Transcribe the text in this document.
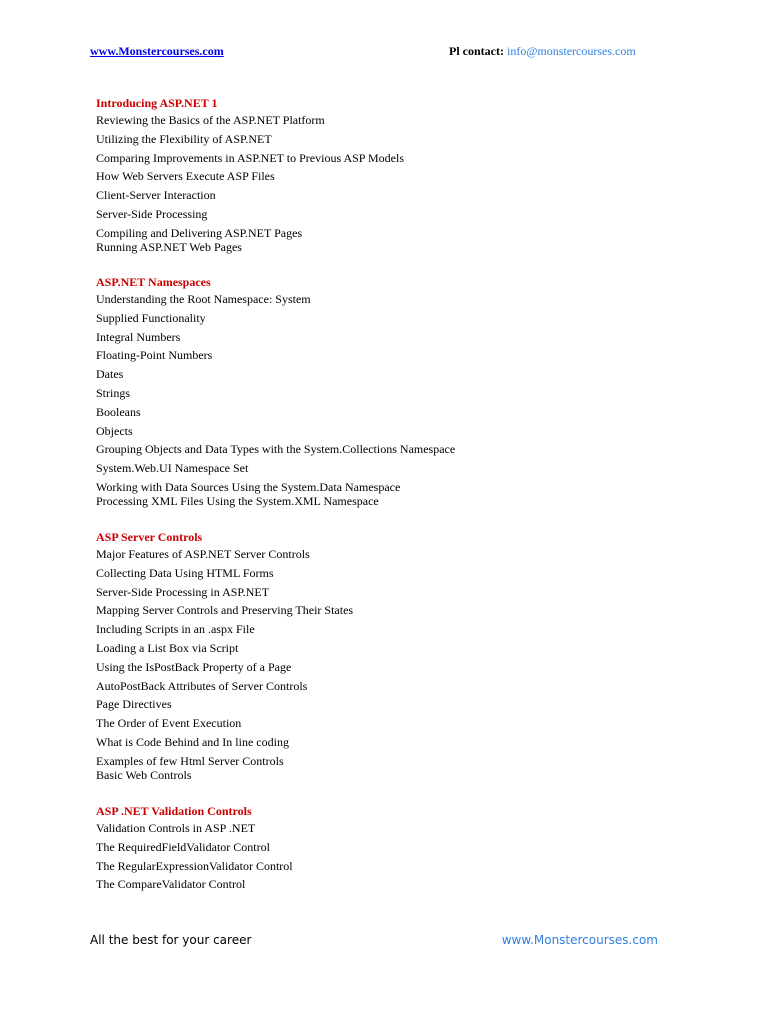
www.Monstercourses.com	Pl contact: info@monstercourses.com
Introducing ASP.NET 1
Reviewing the Basics of the ASP.NET Platform
Utilizing the Flexibility of ASP.NET
Comparing Improvements in ASP.NET to Previous ASP Models
How Web Servers Execute ASP Files
Client-Server Interaction
Server-Side Processing
Compiling and Delivering ASP.NET Pages
Running ASP.NET Web Pages
ASP.NET Namespaces
Understanding the Root Namespace: System
Supplied Functionality
Integral Numbers
Floating-Point Numbers
Dates
Strings
Booleans
Objects
Grouping Objects and Data Types with the System.Collections Namespace
System.Web.UI Namespace Set
Working with Data Sources Using the System.Data Namespace
Processing XML Files Using the System.XML Namespace
ASP Server Controls
Major Features of ASP.NET Server Controls
Collecting Data Using HTML Forms
Server-Side Processing in ASP.NET
Mapping Server Controls and Preserving Their States
Including Scripts in an .aspx File
Loading a List Box via Script
Using the IsPostBack Property of a Page
AutoPostBack Attributes of Server Controls
Page Directives
The Order of Event Execution
What is Code Behind and In line coding
Examples of few Html Server Controls
Basic Web Controls
ASP .NET Validation Controls
Validation Controls in ASP .NET
The RequiredFieldValidator Control
The RegularExpressionValidator Control
The CompareValidator Control
All the best for your career	www.Monstercourses.com
